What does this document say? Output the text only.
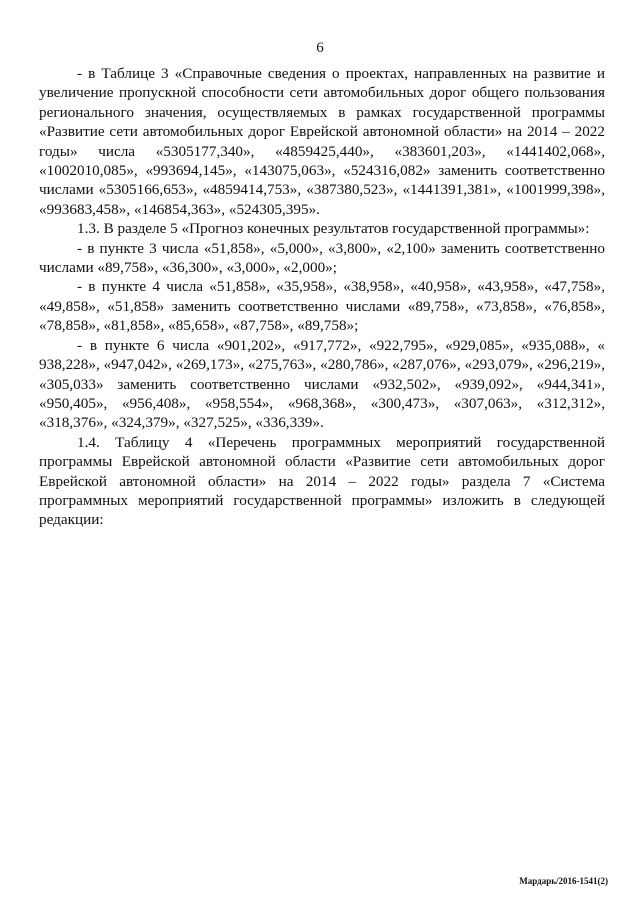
6

- в Таблице 3 «Справочные сведения о проектах, направленных на развитие и увеличение пропускной способности сети автомобильных дорог общего пользования регионального значения, осуществляемых в рамках государственной программы «Развитие сети автомобильных дорог Еврейской автономной области» на 2014 – 2022 годы» числа «5305177,340», «4859425,440», «383601,203», «1441402,068», «1002010,085», «993694,145», «143075,063», «524316,082» заменить соответственно числами «5305166,653», «4859414,753», «387380,523», «1441391,381», «1001999,398», «993683,458», «146854,363», «524305,395».

1.3. В разделе 5 «Прогноз конечных результатов государственной программы»:

- в пункте 3 числа «51,858», «5,000», «3,800», «2,100» заменить соответственно числами «89,758», «36,300», «3,000», «2,000»;

- в пункте 4 числа «51,858», «35,958», «38,958», «40,958», «43,958», «47,758», «49,858», «51,858» заменить соответственно числами «89,758», «73,858», «76,858», «78,858», «81,858», «85,658», «87,758», «89,758»;

- в пункте 6 числа «901,202», «917,772», «922,795», «929,085», «935,088», « 938,228», «947,042», «269,173», «275,763», «280,786», «287,076», «293,079», «296,219», «305,033» заменить соответственно числами «932,502», «939,092», «944,341», «950,405», «956,408», «958,554», «968,368», «300,473», «307,063», «312,312», «318,376», «324,379», «327,525», «336,339».

1.4. Таблицу 4 «Перечень программных мероприятий государственной программы Еврейской автономной области «Развитие сети автомобильных дорог Еврейской автономной области» на 2014 – 2022 годы» раздела 7 «Система программных мероприятий государственной программы» изложить в следующей редакции:

Мардарь/2016-1541(2)
